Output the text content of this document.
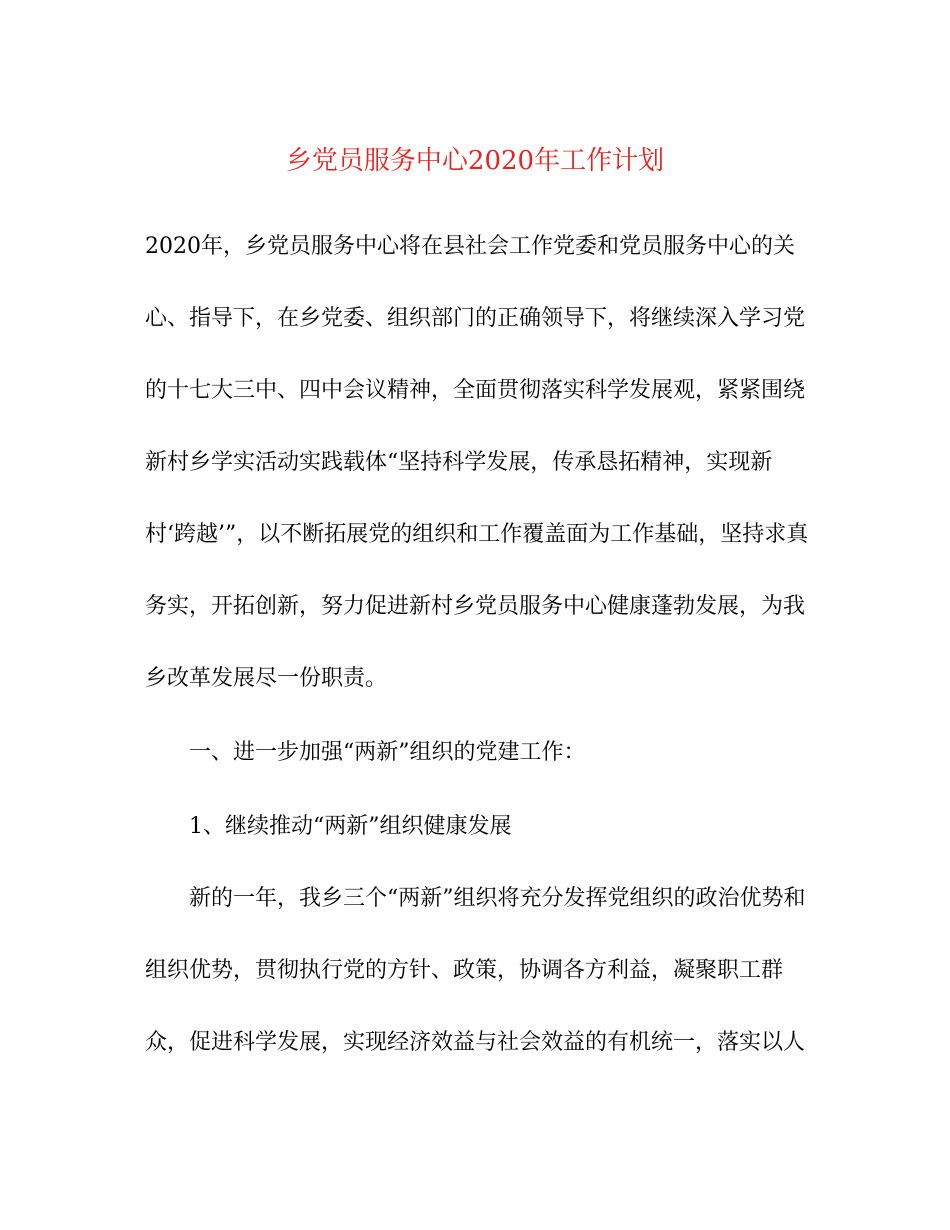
乡党员服务中心2020年工作计划
2020年，乡党员服务中心将在县社会工作党委和党员服务中心的关
心、指导下，在乡党委、组织部门的正确领导下，将继续深入学习党
的十七大三中、四中会议精神，全面贯彻落实科学发展观，紧紧围绕
新村乡学实活动实践载体“坚持科学发展，传承恳拓精神，实现新
村‘跨越’”，以不断拓展党的组织和工作覆盖面为工作基础，坚持求真
务实，开拓创新，努力促进新村乡党员服务中心健康蓬勃发展，为我
乡改革发展尽一份职责。
一、进一步加强“两新”组织的党建工作：
1、继续推动“两新”组织健康发展
新的一年，我乡三个“两新”组织将充分发挥党组织的政治优势和
组织优势，贯彻执行党的方针、政策，协调各方利益，凝聚职工群
众，促进科学发展，实现经济效益与社会效益的有机统一，落实以人
